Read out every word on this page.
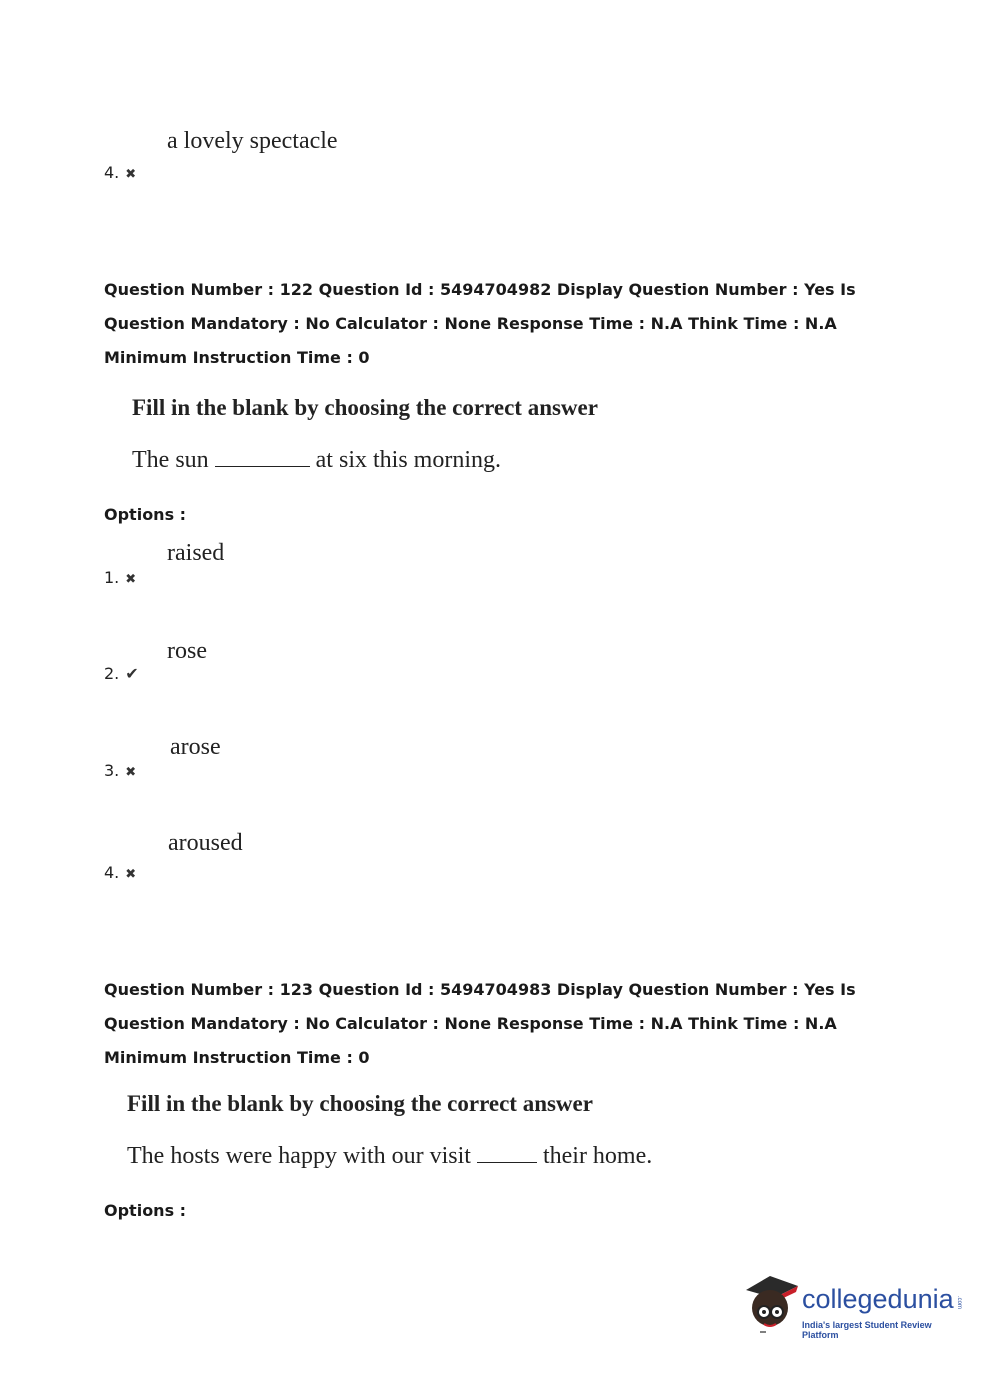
a lovely spectacle
4. ✖
Question Number : 122 Question Id : 5494704982 Display Question Number : Yes Is Question Mandatory : No Calculator : None Response Time : N.A Think Time : N.A Minimum Instruction Time : 0
Fill in the blank by choosing the correct answer
The sun	at six this morning.
Options :
raised
1. ✖
rose
2. ✔
arose
3. ✖
aroused
4. ✖
Question Number : 123 Question Id : 5494704983 Display Question Number : Yes Is Question Mandatory : No Calculator : None Response Time : N.A Think Time : N.A Minimum Instruction Time : 0
Fill in the blank by choosing the correct answer
The hosts were happy with our visit	their home.
Options :
collegedunia .com
India's largest Student Review Platform
